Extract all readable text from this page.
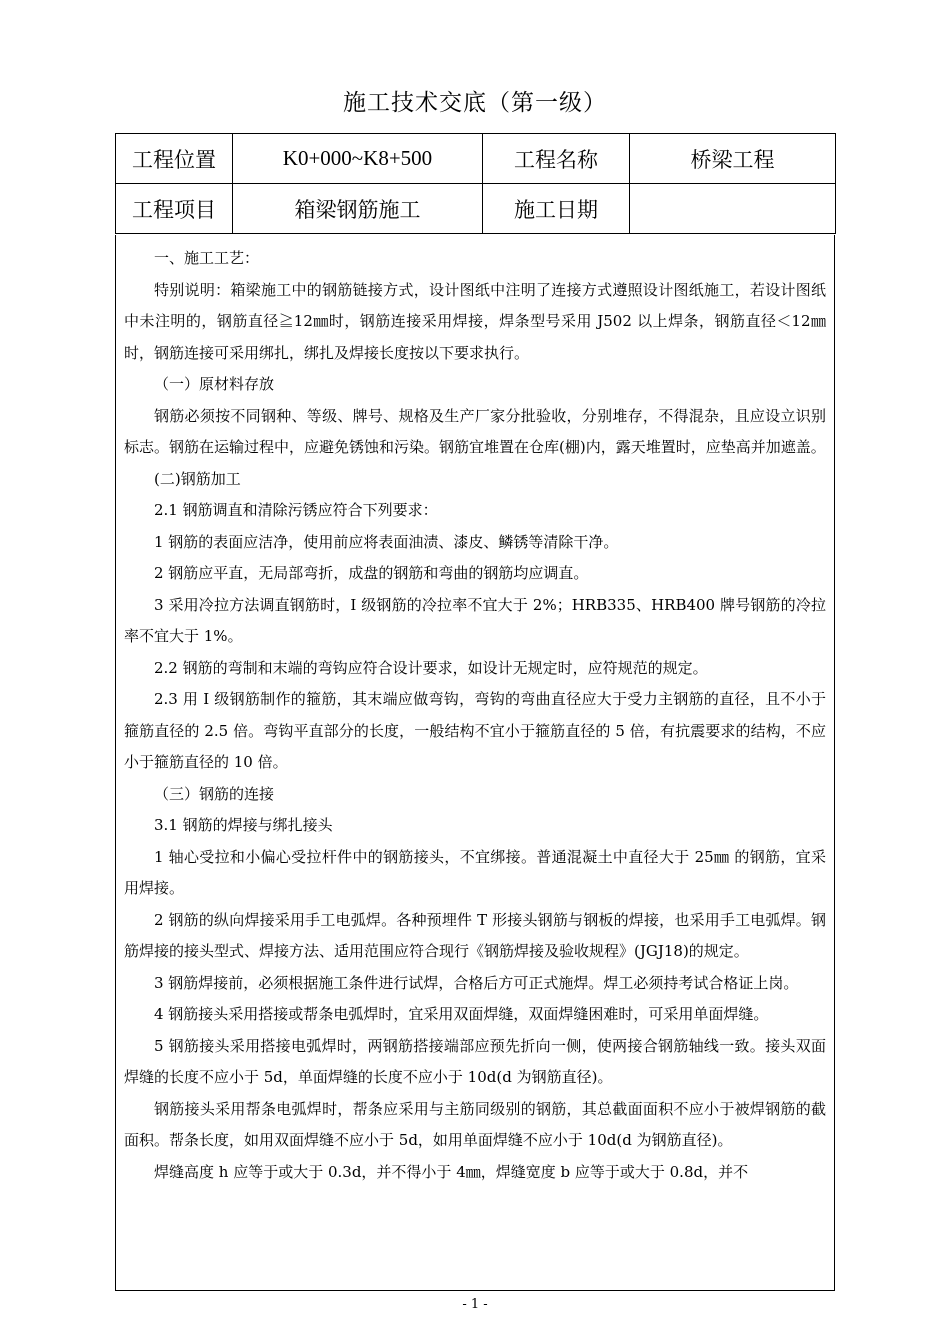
施工技术交底（第一级）
工程位置	K0+000~K8+500	工程名称	桥梁工程
工程项目	箱梁钢筋施工	施工日期	

一、施工工艺：

特别说明：箱梁施工中的钢筋链接方式，设计图纸中注明了连接方式遵照设计图纸施工，若设计图纸中未注明的，钢筋直径≧12㎜时，钢筋连接采用焊接，焊条型号采用 J502 以上焊条，钢筋直径＜12㎜时，钢筋连接可采用绑扎，绑扎及焊接长度按以下要求执行。

（一）原材料存放

钢筋必须按不同钢种、等级、牌号、规格及生产厂家分批验收，分别堆存，不得混杂，且应设立识别标志。钢筋在运输过程中，应避免锈蚀和污染。钢筋宜堆置在仓库(棚)内，露天堆置时，应垫高并加遮盖。

(二)钢筋加工

2.1 钢筋调直和清除污锈应符合下列要求：

1 钢筋的表面应洁净，使用前应将表面油渍、漆皮、鳞锈等清除干净。

2 钢筋应平直，无局部弯折，成盘的钢筋和弯曲的钢筋均应调直。

3 采用冷拉方法调直钢筋时，I 级钢筋的冷拉率不宜大于 2%；HRB335、HRB400 牌号钢筋的冷拉率不宜大于 1%。

2.2 钢筋的弯制和末端的弯钩应符合设计要求，如设计无规定时，应符规范的规定。

2.3 用 I 级钢筋制作的箍筋，其末端应做弯钩，弯钩的弯曲直径应大于受力主钢筋的直径，且不小于箍筋直径的 2.5 倍。弯钩平直部分的长度，一般结构不宜小于箍筋直径的 5 倍，有抗震要求的结构，不应小于箍筋直径的 10 倍。

（三）钢筋的连接

3.1 钢筋的焊接与绑扎接头

1 轴心受拉和小偏心受拉杆件中的钢筋接头，不宜绑接。普通混凝土中直径大于 25㎜ 的钢筋，宜采用焊接。

2 钢筋的纵向焊接采用手工电弧焊。各种预埋件 T 形接头钢筋与钢板的焊接，也采用手工电弧焊。钢筋焊接的接头型式、焊接方法、适用范围应符合现行《钢筋焊接及验收规程》(JGJ18)的规定。

3 钢筋焊接前，必须根据施工条件进行试焊，合格后方可正式施焊。焊工必须持考试合格证上岗。

4 钢筋接头采用搭接或帮条电弧焊时，宜采用双面焊缝，双面焊缝困难时，可采用单面焊缝。

5 钢筋接头采用搭接电弧焊时，两钢筋搭接端部应预先折向一侧，使两接合钢筋轴线一致。接头双面焊缝的长度不应小于 5d，单面焊缝的长度不应小于 10d(d 为钢筋直径)。

钢筋接头采用帮条电弧焊时，帮条应采用与主筋同级别的钢筋，其总截面面积不应小于被焊钢筋的截面积。帮条长度，如用双面焊缝不应小于 5d，如用单面焊缝不应小于 10d(d 为钢筋直径)。

焊缝高度 h 应等于或大于 0.3d，并不得小于 4㎜，焊缝宽度 b 应等于或大于 0.8d，并不

- 1 -
